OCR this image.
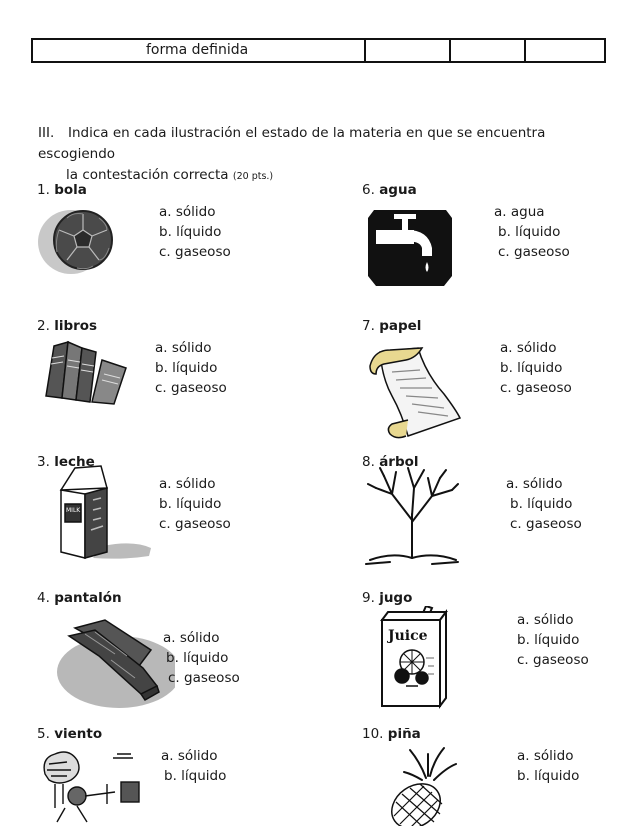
forma definida
III. Indica en cada ilustración el estado de la materia en que se encuentra escogiendo
la contestación correcta (20 pts.)
1. bola
a. sólido
b. líquido
c. gaseoso
2. libros
a. sólido
b. líquido
c. gaseoso
MILK
3. leche
a. sólido
b. líquido
c. gaseoso
4. pantalón
a. sólido
b. líquido
c. gaseoso
5. viento
a. sólido
b. líquido
6. agua
a. agua
b. líquido
c. gaseoso
7. papel
a. sólido
b. líquido
c. gaseoso
8. árbol
a. sólido
b. líquido
c. gaseoso
9. jugo
Juice
a. sólido
b. líquido
c. gaseoso
10. piña
a. sólido
b. líquido
